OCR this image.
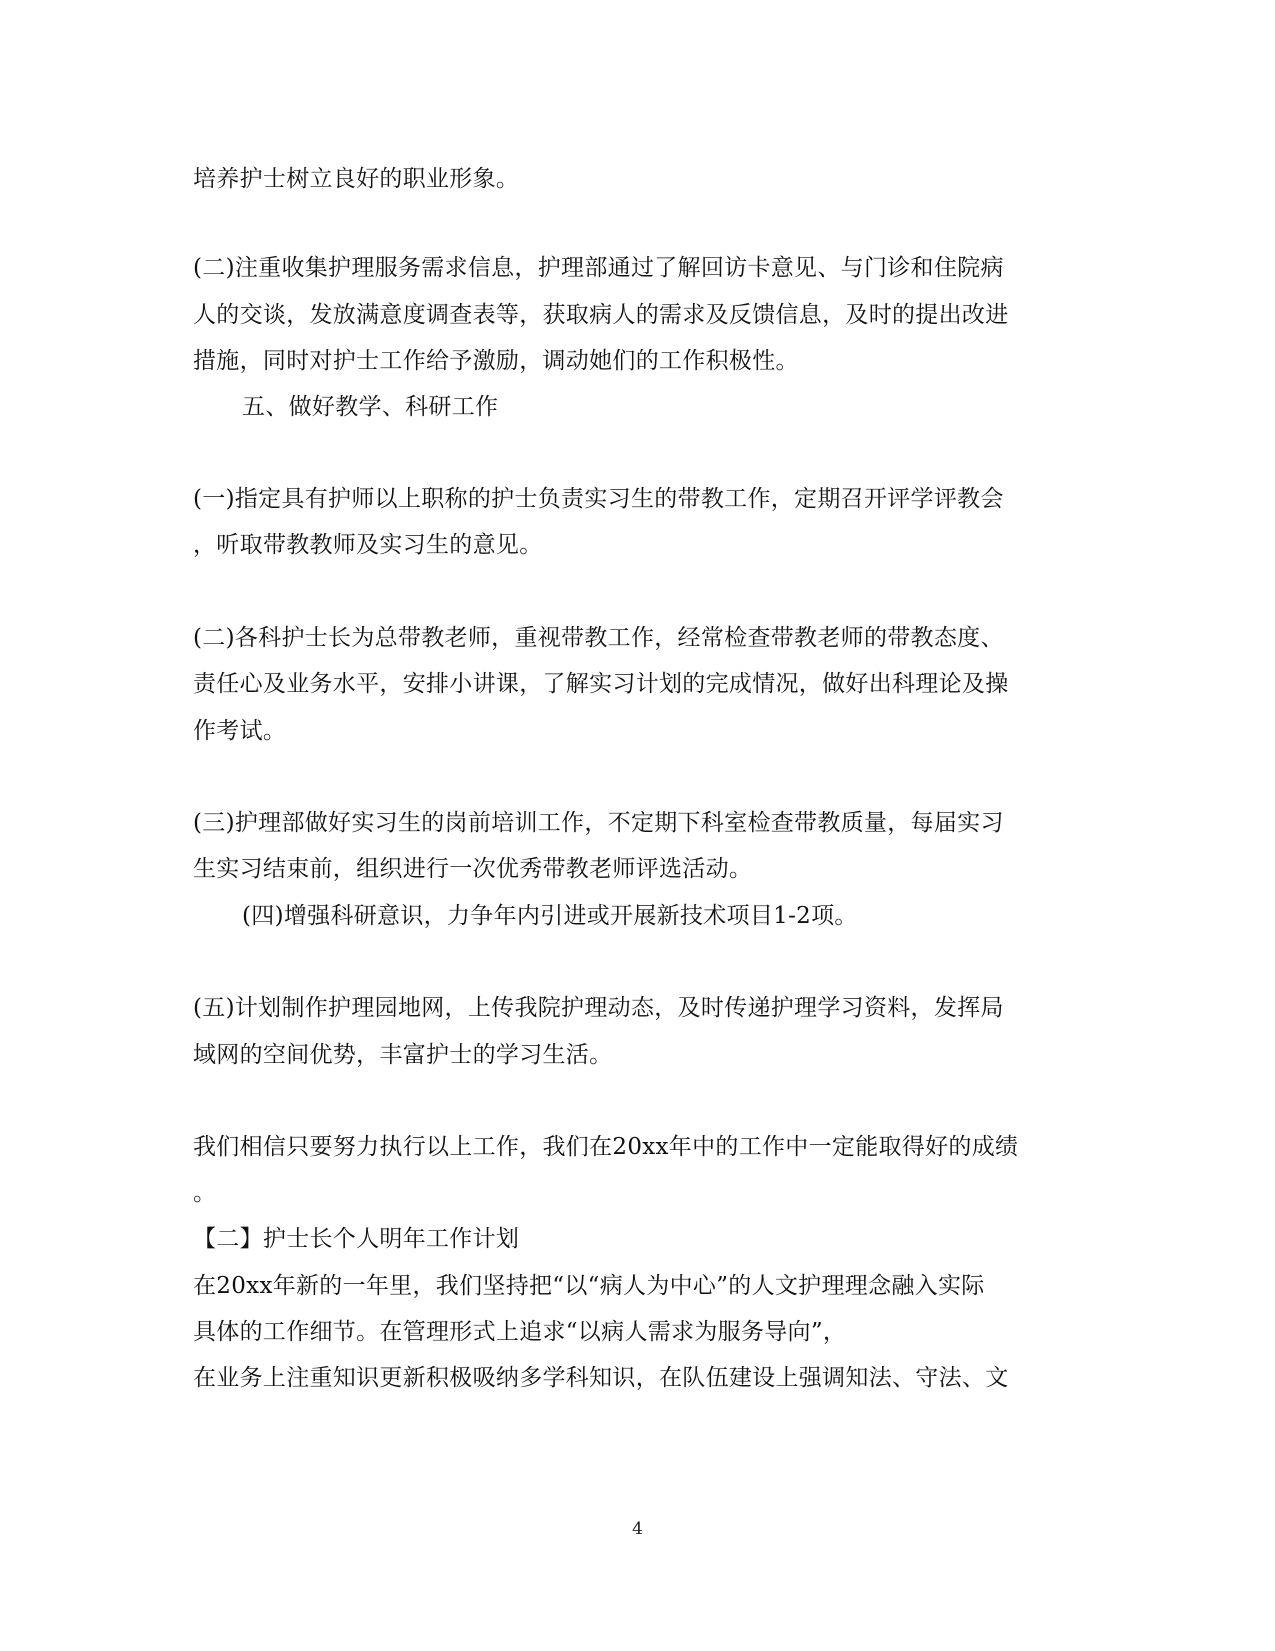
培养护士树立良好的职业形象。
(二)注重收集护理服务需求信息，护理部通过了解回访卡意见、与门诊和住院病
人的交谈，发放满意度调查表等，获取病人的需求及反馈信息，及时的提出改进
措施，同时对护士工作给予激励，调动她们的工作积极性。
五、做好教学、科研工作
(一)指定具有护师以上职称的护士负责实习生的带教工作，定期召开评学评教会
，听取带教教师及实习生的意见。
(二)各科护士长为总带教老师，重视带教工作，经常检查带教老师的带教态度、
责任心及业务水平，安排小讲课，了解实习计划的完成情况，做好出科理论及操
作考试。
(三)护理部做好实习生的岗前培训工作，不定期下科室检查带教质量，每届实习
生实习结束前，组织进行一次优秀带教老师评选活动。
(四)增强科研意识，力争年内引进或开展新技术项目1-2项。
(五)计划制作护理园地网，上传我院护理动态，及时传递护理学习资料，发挥局
域网的空间优势，丰富护士的学习生活。
我们相信只要努力执行以上工作，我们在20xx年中的工作中一定能取得好的成绩
。
【二】护士长个人明年工作计划
在20xx年新的一年里，我们坚持把“以“病人为中心”的人文护理理念融入实际
具体的工作细节。在管理形式上追求“以病人需求为服务导向”，
在业务上注重知识更新积极吸纳多学科知识，在队伍建设上强调知法、守法、文
4
